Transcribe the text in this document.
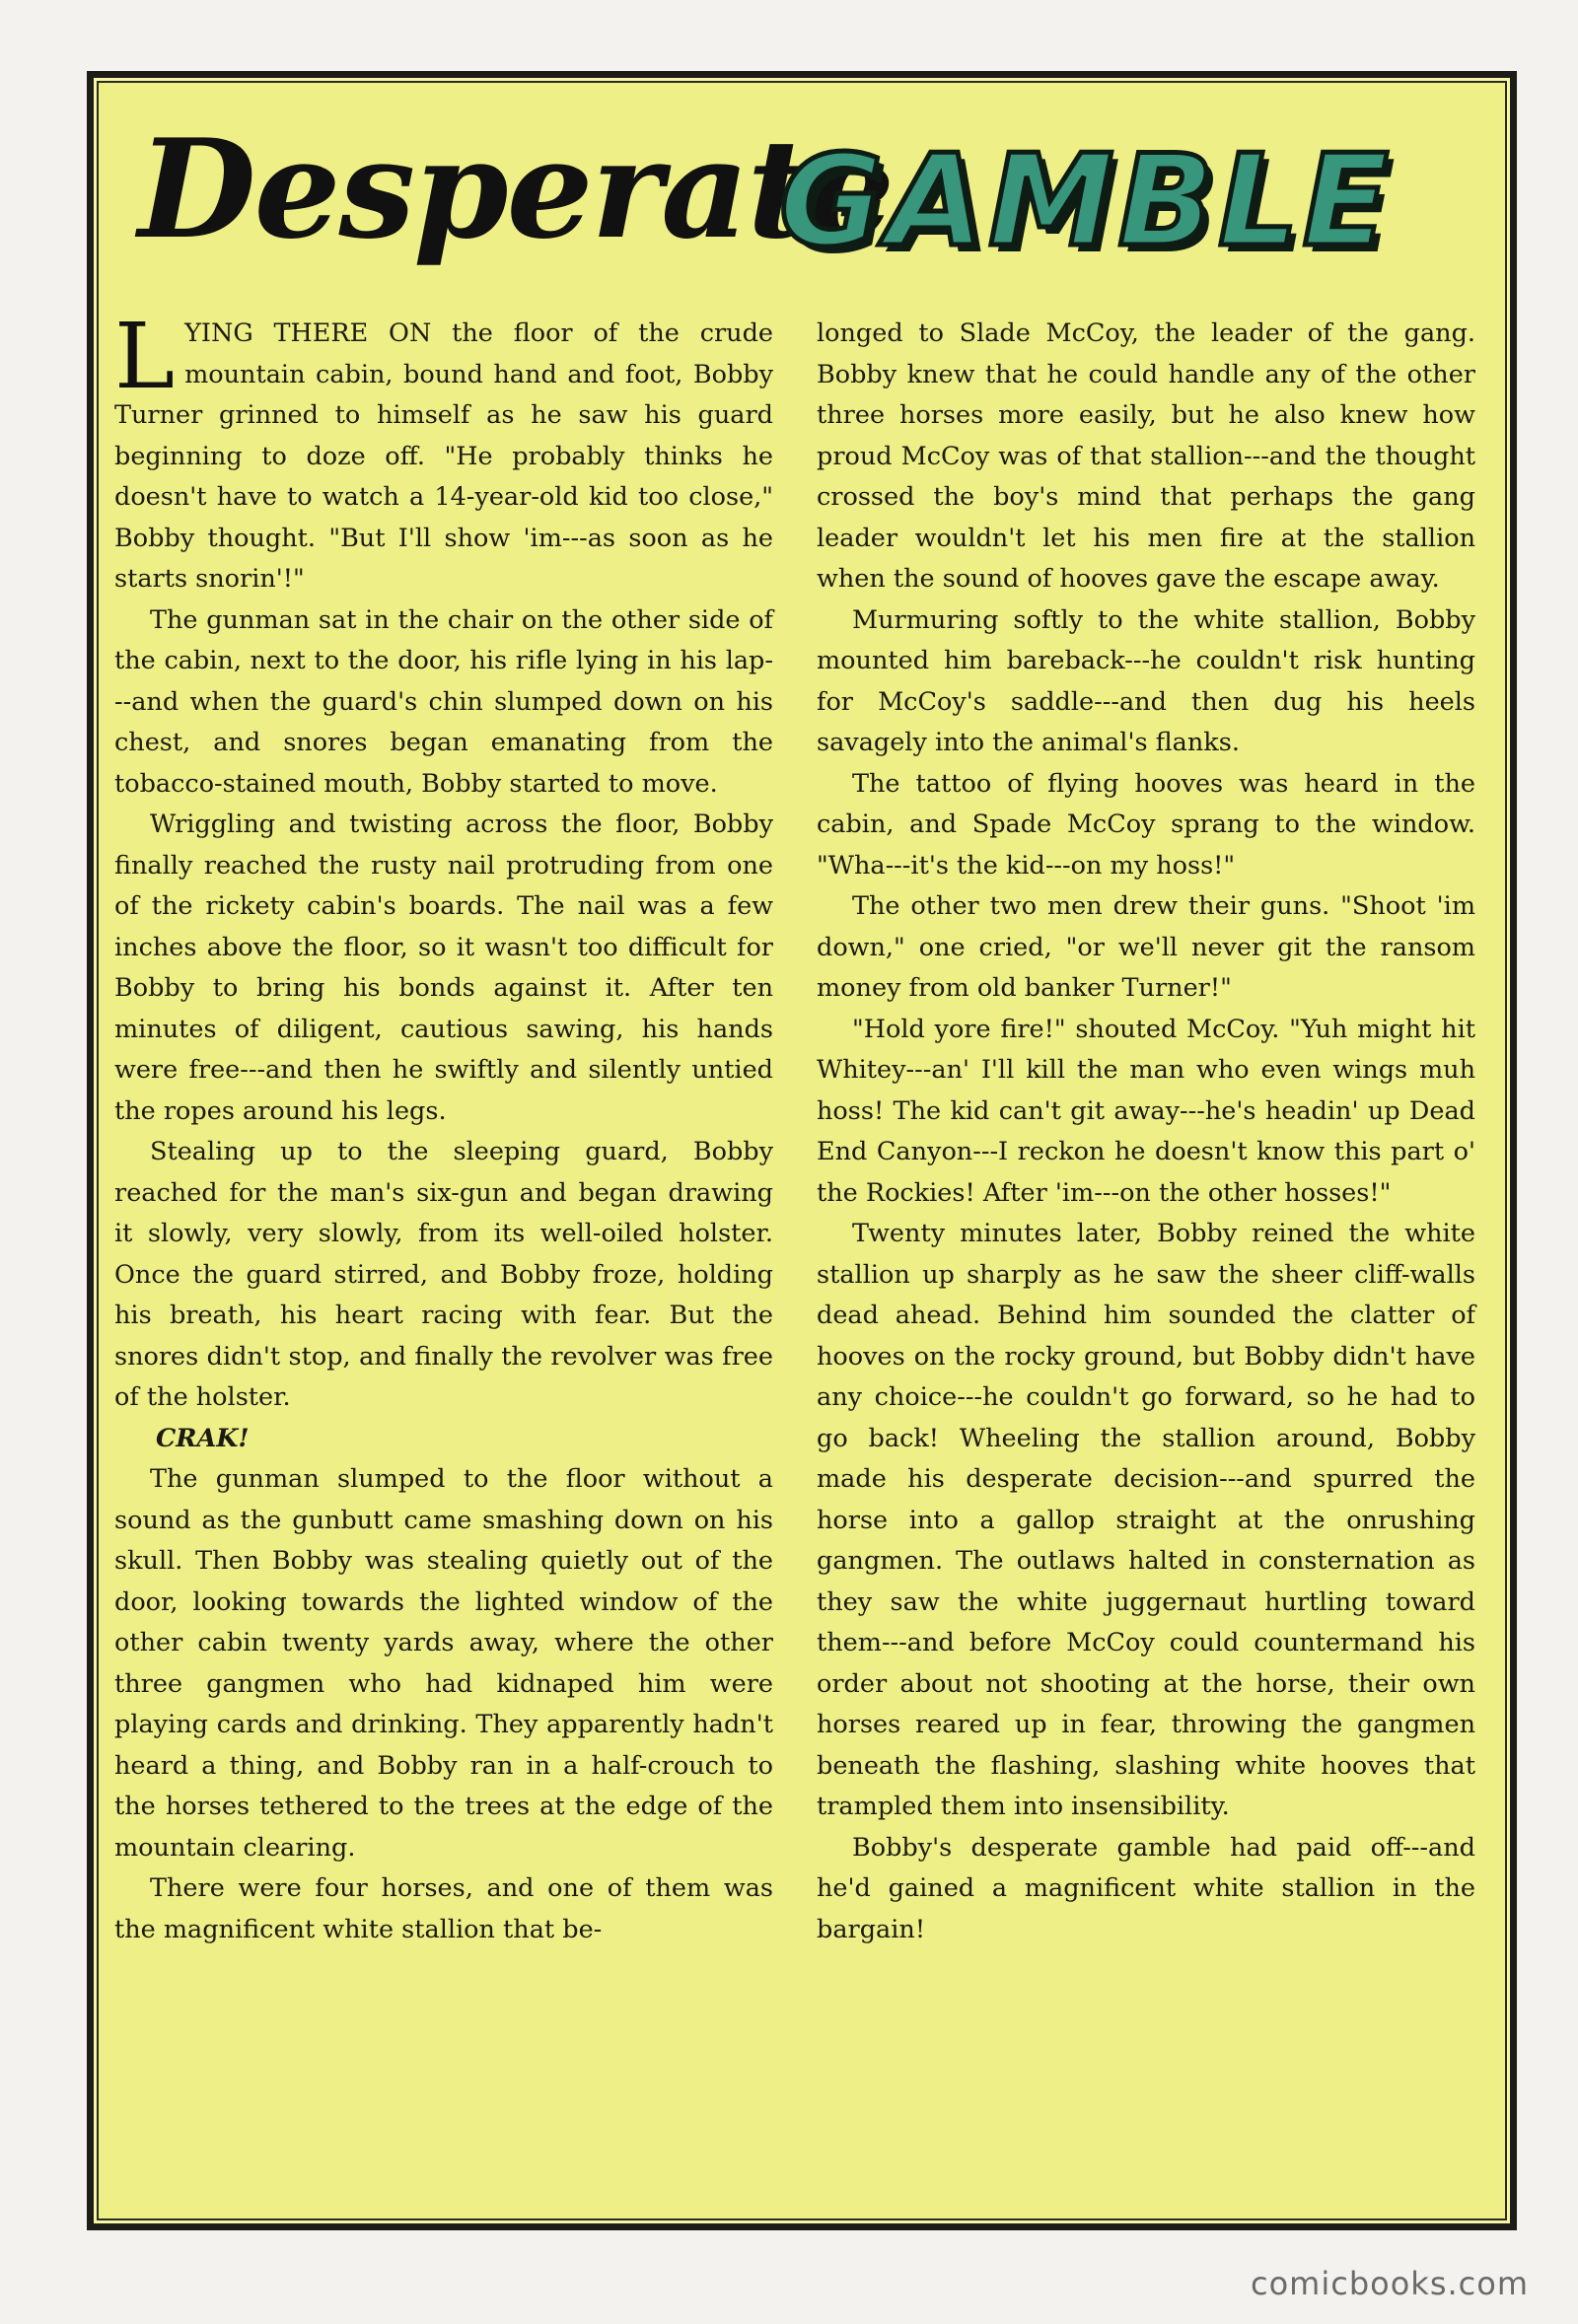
Desperate
GAMBLE

LYING THERE ON the floor of the crude mountain cabin, bound hand and foot, Bobby Turner grinned to himself as he saw his guard beginning to doze off. "He probably thinks he doesn't have to watch a 14-year-old kid too close," Bobby thought. "But I'll show 'im---as soon as he starts snorin'!"

The gunman sat in the chair on the other side of the cabin, next to the door, his rifle lying in his lap---and when the guard's chin slumped down on his chest, and snores began emanating from the tobacco-stained mouth, Bobby started to move.

Wriggling and twisting across the floor, Bobby finally reached the rusty nail protruding from one of the rickety cabin's boards. The nail was a few inches above the floor, so it wasn't too difficult for Bobby to bring his bonds against it. After ten minutes of diligent, cautious sawing, his hands were free---and then he swiftly and silently untied the ropes around his legs.

Stealing up to the sleeping guard, Bobby reached for the man's six-gun and began drawing it slowly, very slowly, from its well-oiled holster. Once the guard stirred, and Bobby froze, holding his breath, his heart racing with fear. But the snores didn't stop, and finally the revolver was free of the holster.

CRAK!

The gunman slumped to the floor without a sound as the gunbutt came smashing down on his skull. Then Bobby was stealing quietly out of the door, looking towards the lighted window of the other cabin twenty yards away, where the other three gangmen who had kidnaped him were playing cards and drinking. They apparently hadn't heard a thing, and Bobby ran in a half-crouch to the horses tethered to the trees at the edge of the mountain clearing.

There were four horses, and one of them was the magnificent white stallion that be-

longed to Slade McCoy, the leader of the gang. Bobby knew that he could handle any of the other three horses more easily, but he also knew how proud McCoy was of that stallion---and the thought crossed the boy's mind that perhaps the gang leader wouldn't let his men fire at the stallion when the sound of hooves gave the escape away.

Murmuring softly to the white stallion, Bobby mounted him bareback---he couldn't risk hunting for McCoy's saddle---and then dug his heels savagely into the animal's flanks.

The tattoo of flying hooves was heard in the cabin, and Spade McCoy sprang to the window. "Wha---it's the kid---on my hoss!"

The other two men drew their guns. "Shoot 'im down," one cried, "or we'll never git the ransom money from old banker Turner!"

"Hold yore fire!" shouted McCoy. "Yuh might hit Whitey---an' I'll kill the man who even wings muh hoss! The kid can't git away---he's headin' up Dead End Canyon---I reckon he doesn't know this part o' the Rockies! After 'im---on the other hosses!"

Twenty minutes later, Bobby reined the white stallion up sharply as he saw the sheer cliff-walls dead ahead. Behind him sounded the clatter of hooves on the rocky ground, but Bobby didn't have any choice---he couldn't go forward, so he had to go back! Wheeling the stallion around, Bobby made his desperate decision---and spurred the horse into a gallop straight at the onrushing gangmen. The outlaws halted in consternation as they saw the white juggernaut hurtling toward them---and before McCoy could countermand his order about not shooting at the horse, their own horses reared up in fear, throwing the gangmen beneath the flashing, slashing white hooves that trampled them into insensibility.

Bobby's desperate gamble had paid off---and he'd gained a magnificent white stallion in the bargain!

comicbooks.com
